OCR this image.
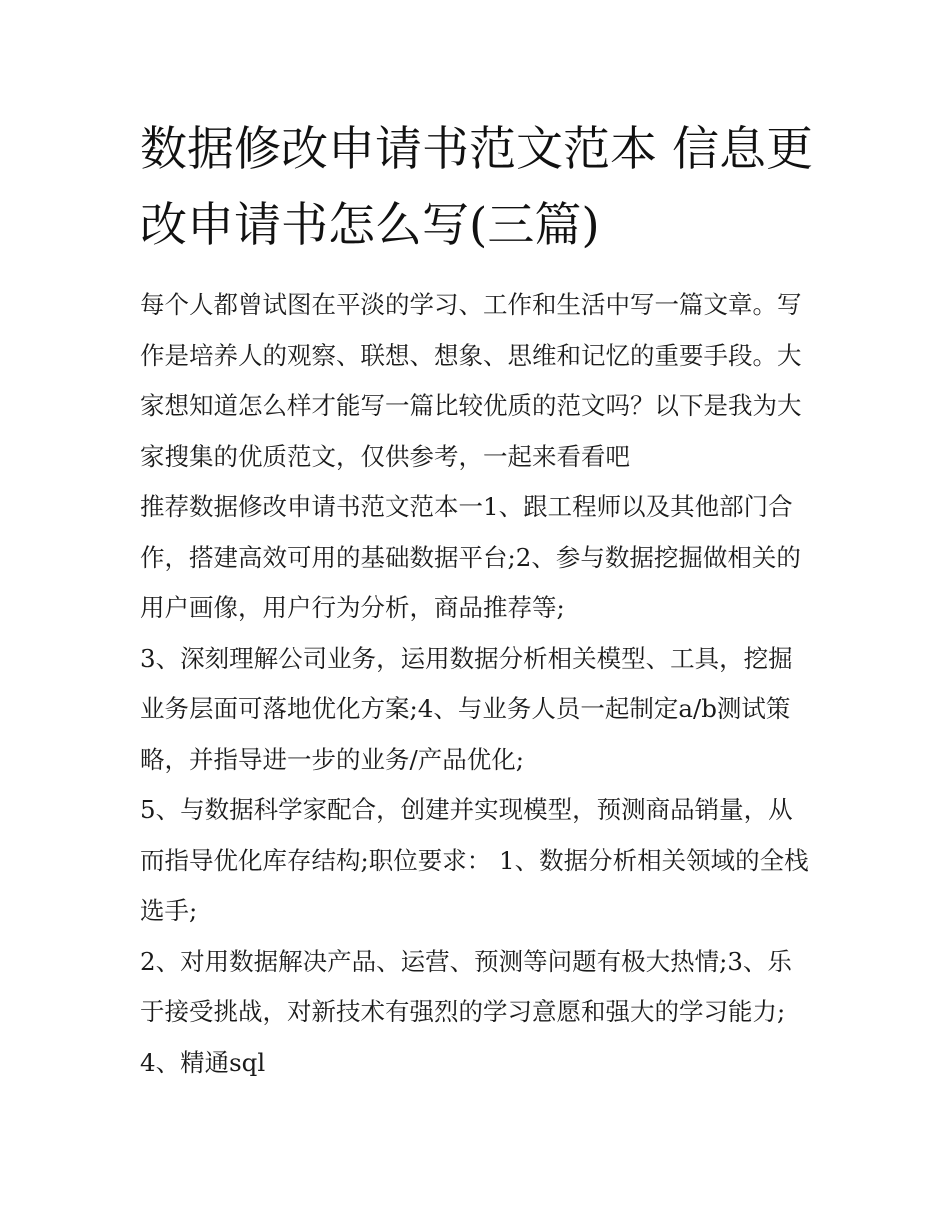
数据修改申请书范文范本 信息更改申请书怎么写(三篇)

每个人都曾试图在平淡的学习、工作和生活中写一篇文章。写作是培养人的观察、联想、想象、思维和记忆的重要手段。大家想知道怎么样才能写一篇比较优质的范文吗？以下是我为大家搜集的优质范文，仅供参考，一起来看看吧

推荐数据修改申请书范文范本一1、跟工程师以及其他部门合作，搭建高效可用的基础数据平台;2、参与数据挖掘做相关的用户画像，用户行为分析，商品推荐等;

3、深刻理解公司业务，运用数据分析相关模型、工具，挖掘业务层面可落地优化方案;4、与业务人员一起制定a/b测试策略，并指导进一步的业务/产品优化;

5、与数据科学家配合，创建并实现模型，预测商品销量，从而指导优化库存结构;职位要求： 1、数据分析相关领域的全栈选手;

2、对用数据解决产品、运营、预测等问题有极大热情;3、乐于接受挑战，对新技术有强烈的学习意愿和强大的学习能力;

4、精通sql
